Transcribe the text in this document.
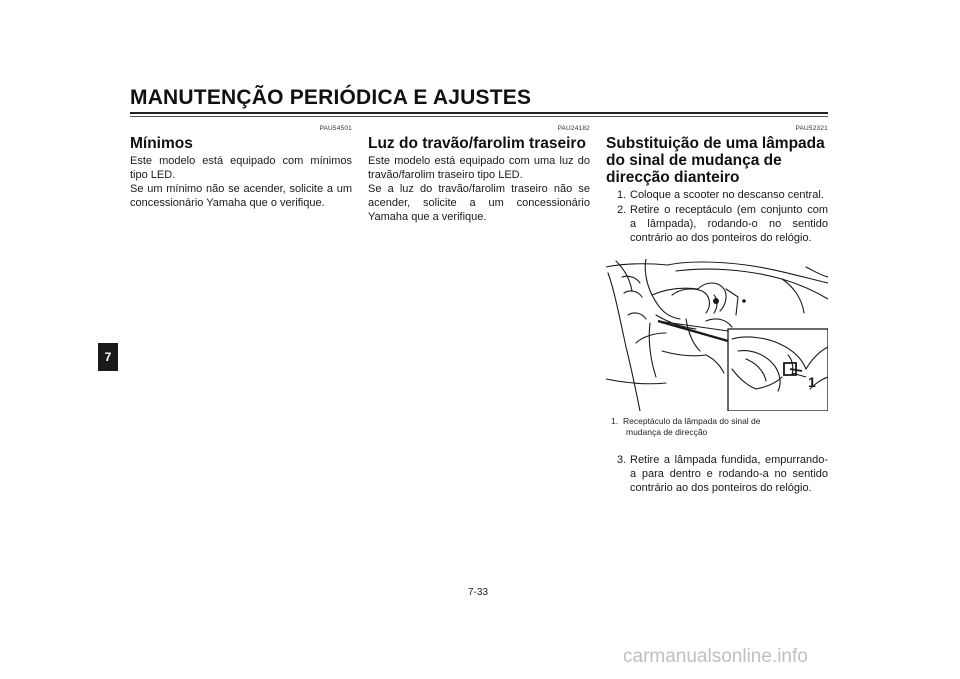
MANUTENÇÃO PERIÓDICA E AJUSTES
7
PAU54501
Mínimos

Este modelo está equipado com mínimos tipo LED.
Se um mínimo não se acender, solicite a um concessionário Yamaha que o verifique.

PAU24182
Luz do travão/farolim traseiro

Este modelo está equipado com uma luz do travão/farolim traseiro tipo LED.
Se a luz do travão/farolim traseiro não se acender, solicite a um concessionário Yamaha que a verifique.

PAU52321
Substituição de uma lâmpada do sinal de mudança de direcção dianteiro
1. Coloque a scooter no descanso central.
2. Retire o receptáculo (em conjunto com a lâmpada), rodando-o no sentido contrário ao dos ponteiros do relógio.
1
1. Receptáculo da lâmpada do sinal de
mudança de direcção
3. Retire a lâmpada fundida, empurrando-a para dentro e rodando-a no sentido contrário ao dos ponteiros do relógio.
7-33
carmanualsonline.info
